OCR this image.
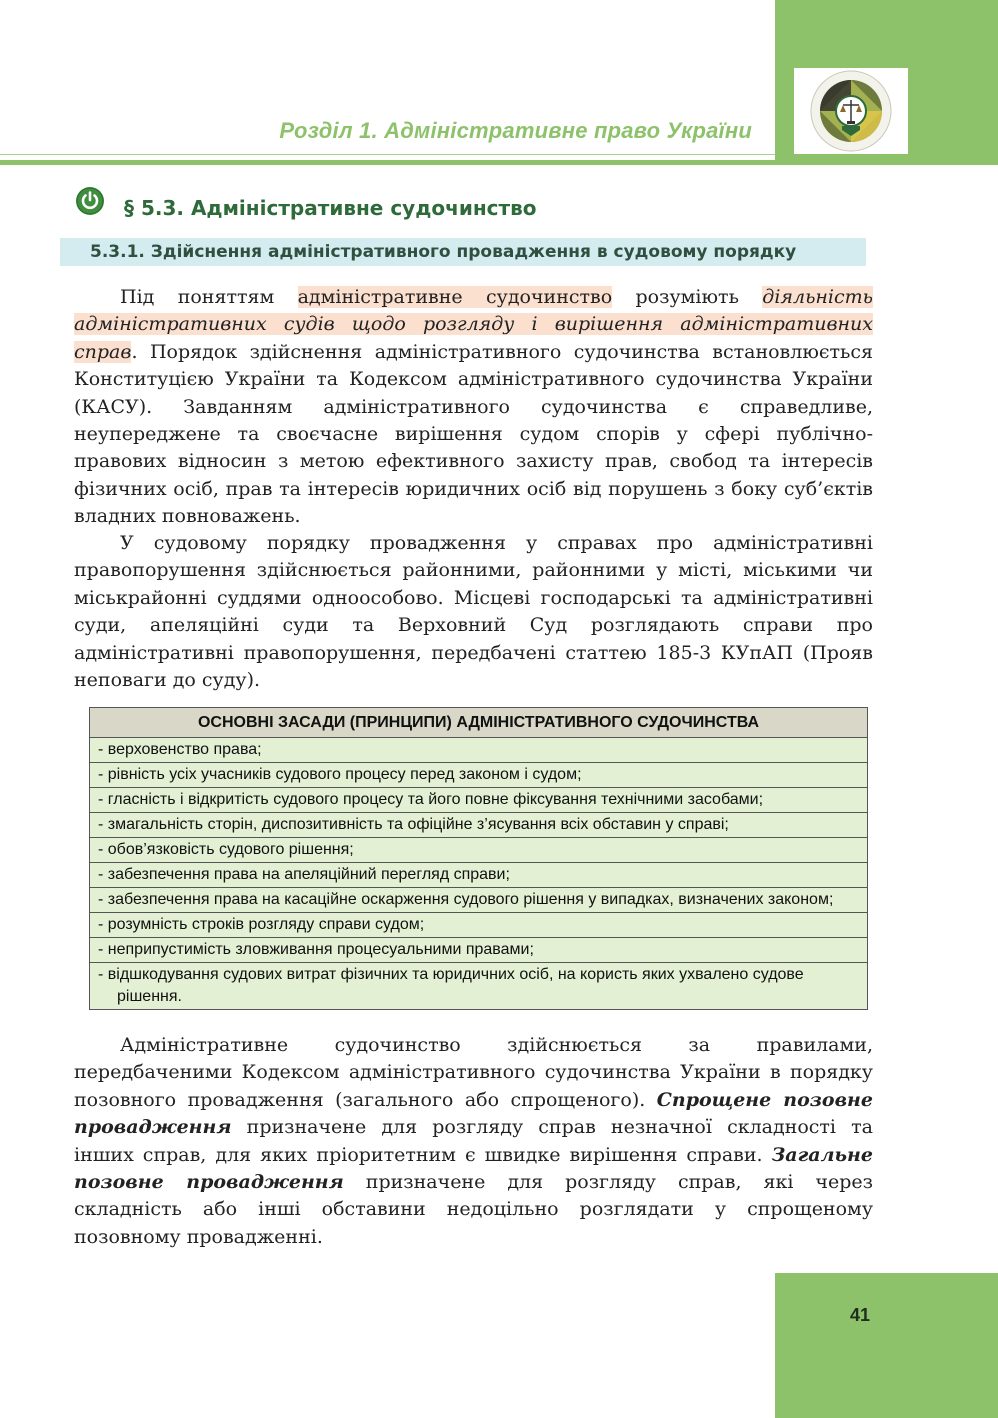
Розділ 1. Адміністративне право України
§ 5.3. Адміністративне судочинство
5.3.1. Здійснення адміністративного провадження в судовому порядку

Під поняттям адміністративне судочинство розуміють діяльність адміністративних судів щодо розгляду і вирішення адміністративних справ. Порядок здійснення адміністративного судочинства встановлюється Конституцією України та Кодексом адміністративного судочинства України (КАСУ). Завданням адміністративного судочинства є справедливе, неупереджене та своєчасне вирішення судом спорів у сфері публічно-правових відносин з метою ефективного захисту прав, свобод та інтересів фізичних осіб, прав та інтересів юридичних осіб від порушень з боку суб’єктів владних повноважень.

У судовому порядку провадження у справах про адміністративні правопорушення здійснюється районними, районними у місті, міськими чи міськрайонні суддями одноособово. Місцеві господарські та адміністративні суди, апеляційні суди та Верховний Суд розглядають справи про адміністративні правопорушення, передбачені статтею 185-3 КУпАП (Прояв неповаги до суду).

ОСНОВНІ ЗАСАДИ (ПРИНЦИПИ) АДМІНІСТРАТИВНОГО СУДОЧИНСТВА

- верховенство права;

- рівність усіх учасників судового процесу перед законом і судом;

- гласність і відкритість судового процесу та його повне фіксування технічними засобами;

- змагальність сторін, диспозитивність та офіційне з’ясування всіх обставин у справі;

- обов’язковість судового рішення;

- забезпечення права на апеляційний перегляд справи;

- забезпечення права на касаційне оскарження судового рішення у випадках, визначених законом;

- розумність строків розгляду справи судом;

- неприпустимість зловживання процесуальними правами;

- відшкодування судових витрат фізичних та юридичних осіб, на користь яких ухвалено судове рішення.

Адміністративне судочинство здійснюється за правилами, передбаченими Кодексом адміністративного судочинства України в порядку позовного провадження (загального або спрощеного). Спрощене позовне провадження призначене для розгляду справ незначної складності та інших справ, для яких пріоритетним є швидке вирішення справи. Загальне позовне провадження призначене для розгляду справ, які через складність або інші обставини недоцільно розглядати у спрощеному позовному провадженні.

41
